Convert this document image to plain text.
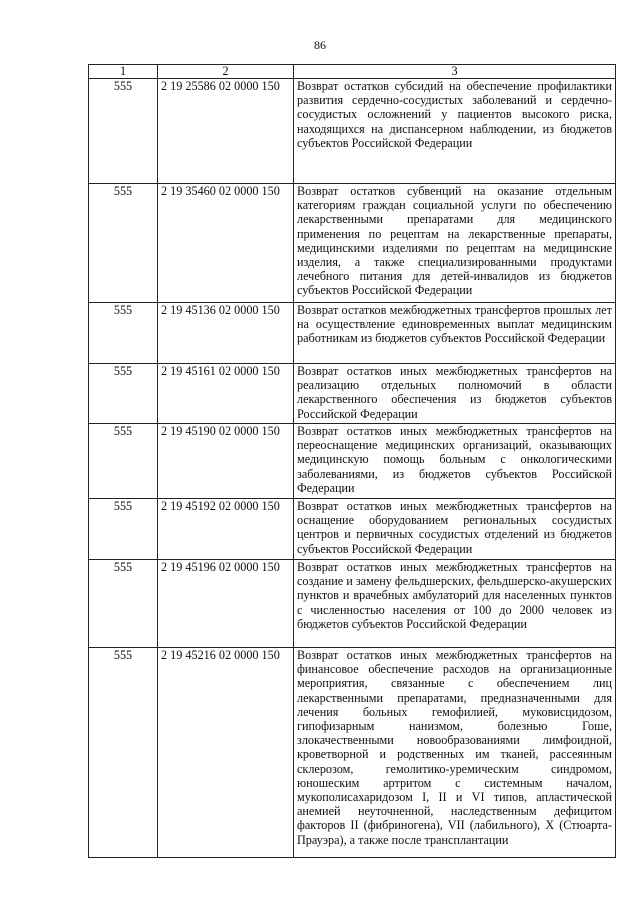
86
1	2	3
555	2 19 25586 02 0000 150	Возврат остатков субсидий на обеспечение профилактики развития сердечно-сосудистых заболеваний и сердечно-сосудистых осложнений у пациентов высокого риска, находящихся на диспансерном наблюдении, из бюджетов субъектов Российской Федерации
555	2 19 35460 02 0000 150	Возврат остатков субвенций на оказание отдельным категориям граждан социальной услуги по обеспечению лекарственными препаратами для медицинского применения по рецептам на лекарственные препараты, медицинскими изделиями по рецептам на медицинские изделия, а также специализированными продуктами лечебного питания для детей-инвалидов из бюджетов субъектов Российской Федерации
555	2 19 45136 02 0000 150	Возврат остатков межбюджетных трансфертов прошлых лет на осуществление единовременных выплат медицинским работникам из бюджетов субъектов Российской Федерации
555	2 19 45161 02 0000 150	Возврат остатков иных межбюджетных трансфертов на реализацию отдельных полномочий в области лекарственного обеспечения из бюджетов субъектов Российской Федерации
555	2 19 45190 02 0000 150	Возврат остатков иных межбюджетных трансфертов на переоснащение медицинских организаций, оказывающих медицинскую помощь больным с онкологическими заболеваниями, из бюджетов субъектов Российской Федерации
555	2 19 45192 02 0000 150	Возврат остатков иных межбюджетных трансфертов на оснащение оборудованием региональных сосудистых центров и первичных сосудистых отделений из бюджетов субъектов Российской Федерации
555	2 19 45196 02 0000 150	Возврат остатков иных межбюджетных трансфертов на создание и замену фельдшерских, фельдшерско-акушерских пунктов и врачебных амбулаторий для населенных пунктов с численностью населения от 100 до 2000 человек из бюджетов субъектов Российской Федерации
555	2 19 45216 02 0000 150	Возврат остатков иных межбюджетных трансфертов на финансовое обеспечение расходов на организационные мероприятия, связанные с обеспечением лиц лекарственными препаратами, предназначенными для лечения больных гемофилией, муковисцидозом, гипофизарным нанизмом, болезнью Гоше, злокачественными новообразованиями лимфоидной, кроветворной и родственных им тканей, рассеянным склерозом, гемолитико-уремическим синдромом, юношеским артритом с системным началом, мукополисахаридозом I, II и VI типов, апластической анемией неуточненной, наследственным дефицитом факторов II (фибриногена), VII (лабильного), X (Стюарта-Прауэра), а также после трансплантации
